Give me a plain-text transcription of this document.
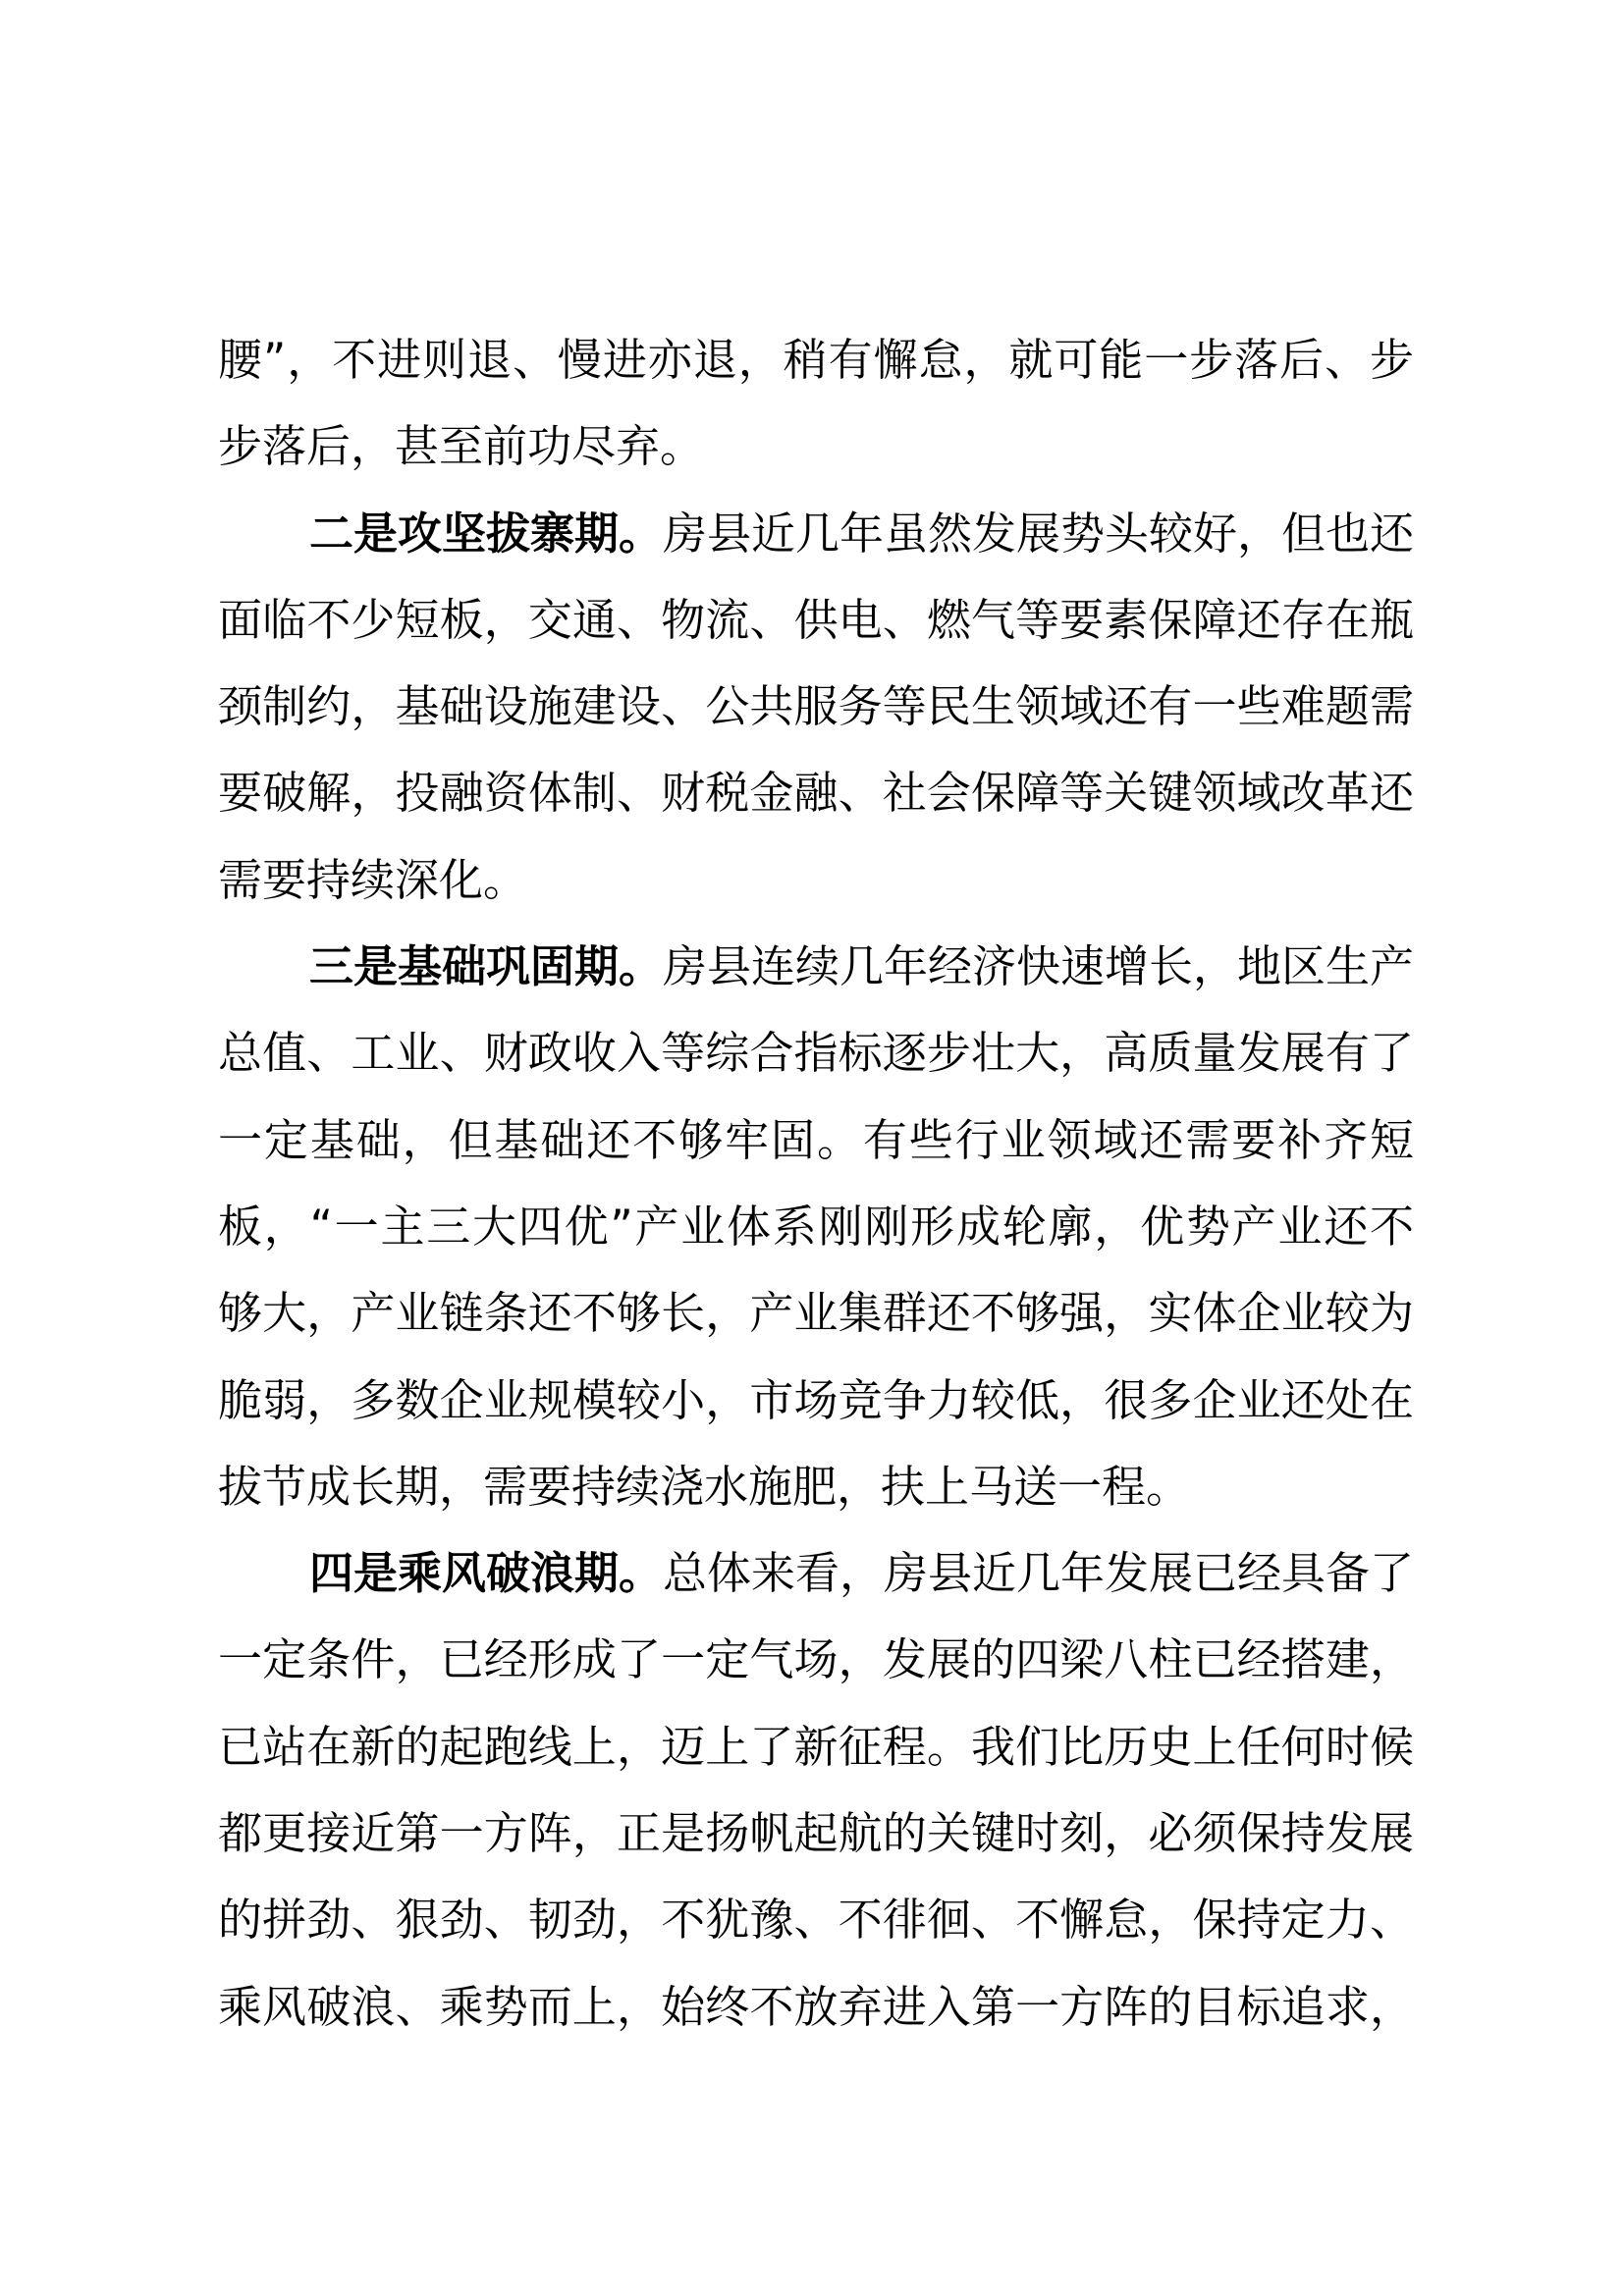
腰”，不进则退、慢进亦退，稍有懈怠，就可能一步落后、步
步落后，甚至前功尽弃。
二是攻坚拔寨期。房县近几年虽然发展势头较好，但也还
面临不少短板，交通、物流、供电、燃气等要素保障还存在瓶
颈制约，基础设施建设、公共服务等民生领域还有一些难题需
要破解，投融资体制、财税金融、社会保障等关键领域改革还
需要持续深化。
三是基础巩固期。房县连续几年经济快速增长，地区生产
总值、工业、财政收入等综合指标逐步壮大，高质量发展有了
一定基础，但基础还不够牢固。有些行业领域还需要补齐短
板，“一主三大四优”产业体系刚刚形成轮廓，优势产业还不
够大，产业链条还不够长，产业集群还不够强，实体企业较为
脆弱，多数企业规模较小，市场竞争力较低，很多企业还处在
拔节成长期，需要持续浇水施肥，扶上马送一程。
四是乘风破浪期。总体来看，房县近几年发展已经具备了
一定条件，已经形成了一定气场，发展的四梁八柱已经搭建，
已站在新的起跑线上，迈上了新征程。我们比历史上任何时候
都更接近第一方阵，正是扬帆起航的关键时刻，必须保持发展
的拼劲、狠劲、韧劲，不犹豫、不徘徊、不懈怠，保持定力、
乘风破浪、乘势而上，始终不放弃进入第一方阵的目标追求，
